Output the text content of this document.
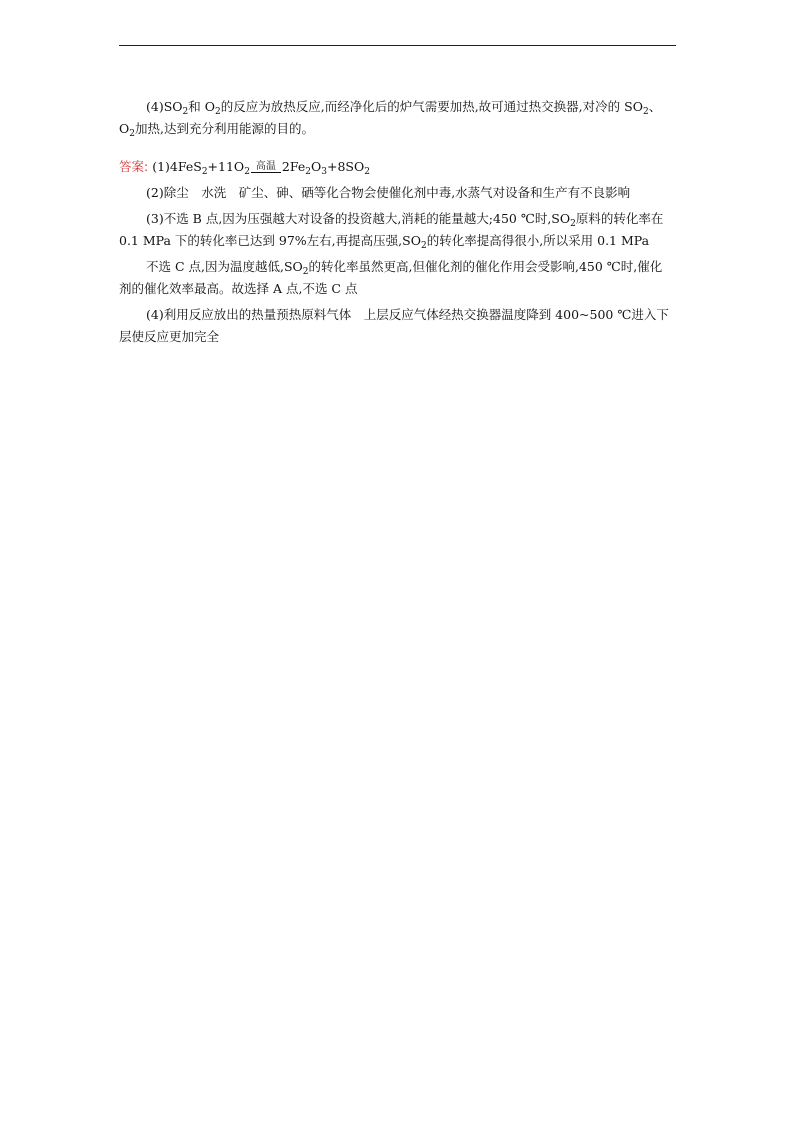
$(4)SO_2$和 $O_2$的反应为放热反应,而经净化后的炉气需要加热,故可通过热交换器,对冷的 $SO_2$、$O_2$加热,达到充分利用能源的目的。

答案: $(1)4FeS_2+11O_2$ 高温 $2Fe_2O_3+8SO_2$

(2)除尘　水洗　矿尘、砷、硒等化合物会使催化剂中毒,水蒸气对设备和生产有不良影响

(3)不选 B 点,因为压强越大对设备的投资越大,消耗的能量越大;450 ℃时$,SO_2$原料的转化率在 0.1 MPa 下的转化率已达到 97%左右,再提高压强$,SO_2$的转化率提高得很小,所以采用 0.1 MPa

不选 C 点,因为温度越低$,SO_2$的转化率虽然更高,但催化剂的催化作用会受影响,450 ℃时,催化剂的催化效率最高。故选择 A 点,不选 C 点

(4)利用反应放出的热量预热原料气体　上层反应气体经热交换器温度降到 400~500 ℃进入下层使反应更加完全
